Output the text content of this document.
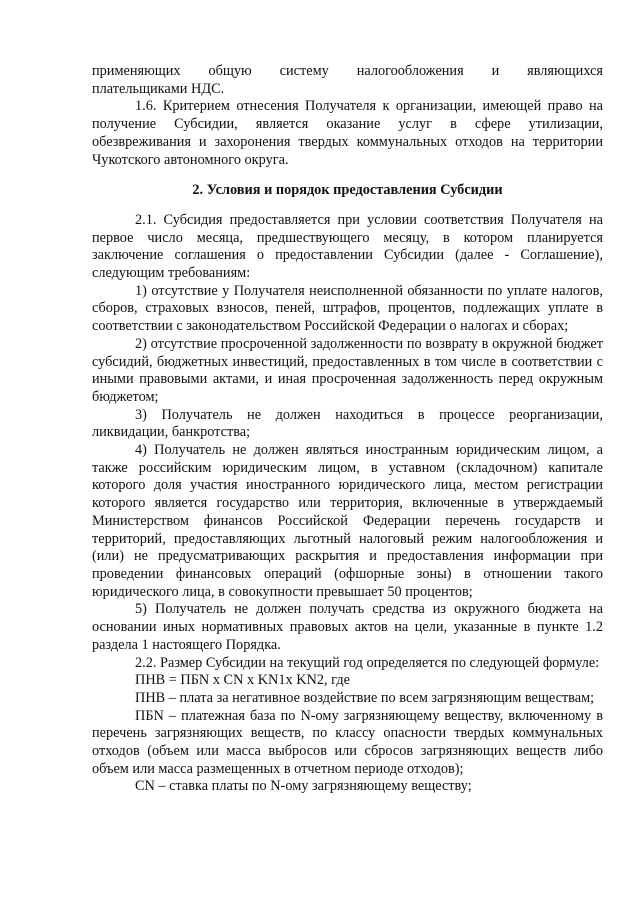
применяющих общую систему налогообложения и являющихся

плательщиками НДС.

1.6. Критерием отнесения Получателя к организации, имеющей право на получение Субсидии, является оказание услуг в сфере утилизации, обезвреживания и захоронения твердых коммунальных отходов на территории Чукотского автономного округа.

2. Условия и порядок предоставления Субсидии

2.1. Субсидия предоставляется при условии соответствия Получателя на первое число месяца, предшествующего месяцу, в котором планируется заключение соглашения о предоставлении Субсидии (далее - Соглашение), следующим требованиям:

1) отсутствие у Получателя неисполненной обязанности по уплате налогов, сборов, страховых взносов, пеней, штрафов, процентов, подлежащих уплате в соответствии с законодательством Российской Федерации о налогах и сборах;

2) отсутствие просроченной задолженности по возврату в окружной бюджет субсидий, бюджетных инвестиций, предоставленных в том числе в соответствии с иными правовыми актами, и иная просроченная задолженность перед окружным бюджетом;

3) Получатель не должен находиться в процессе реорганизации, ликвидации, банкротства;

4) Получатель не должен являться иностранным юридическим лицом, а также российским юридическим лицом, в уставном (складочном) капитале которого доля участия иностранного юридического лица, местом регистрации которого является государство или территория, включенные в утверждаемый Министерством финансов Российской Федерации перечень государств и территорий, предоставляющих льготный налоговый режим налогообложения и (или) не предусматривающих раскрытия и предоставления информации при проведении финансовых операций (офшорные зоны) в отношении такого юридического лица, в совокупности превышает 50 процентов;

5) Получатель не должен получать средства из окружного бюджета на основании иных нормативных правовых актов на цели, указанные в пункте 1.2 раздела 1 настоящего Порядка.

2.2. Размер Субсидии на текущий год определяется по следующей формуле:

ПНВ = ПБN х CN х KN1х KN2, где

ПНВ – плата за негативное воздействие по всем загрязняющим веществам;

ПБN – платежная база по N-ому загрязняющему веществу, включенному в перечень загрязняющих веществ, по классу опасности твердых коммунальных отходов (объем или масса выбросов или сбросов загрязняющих веществ либо объем или масса размещенных в отчетном периоде отходов);

CN – ставка платы по N-ому загрязняющему веществу;
